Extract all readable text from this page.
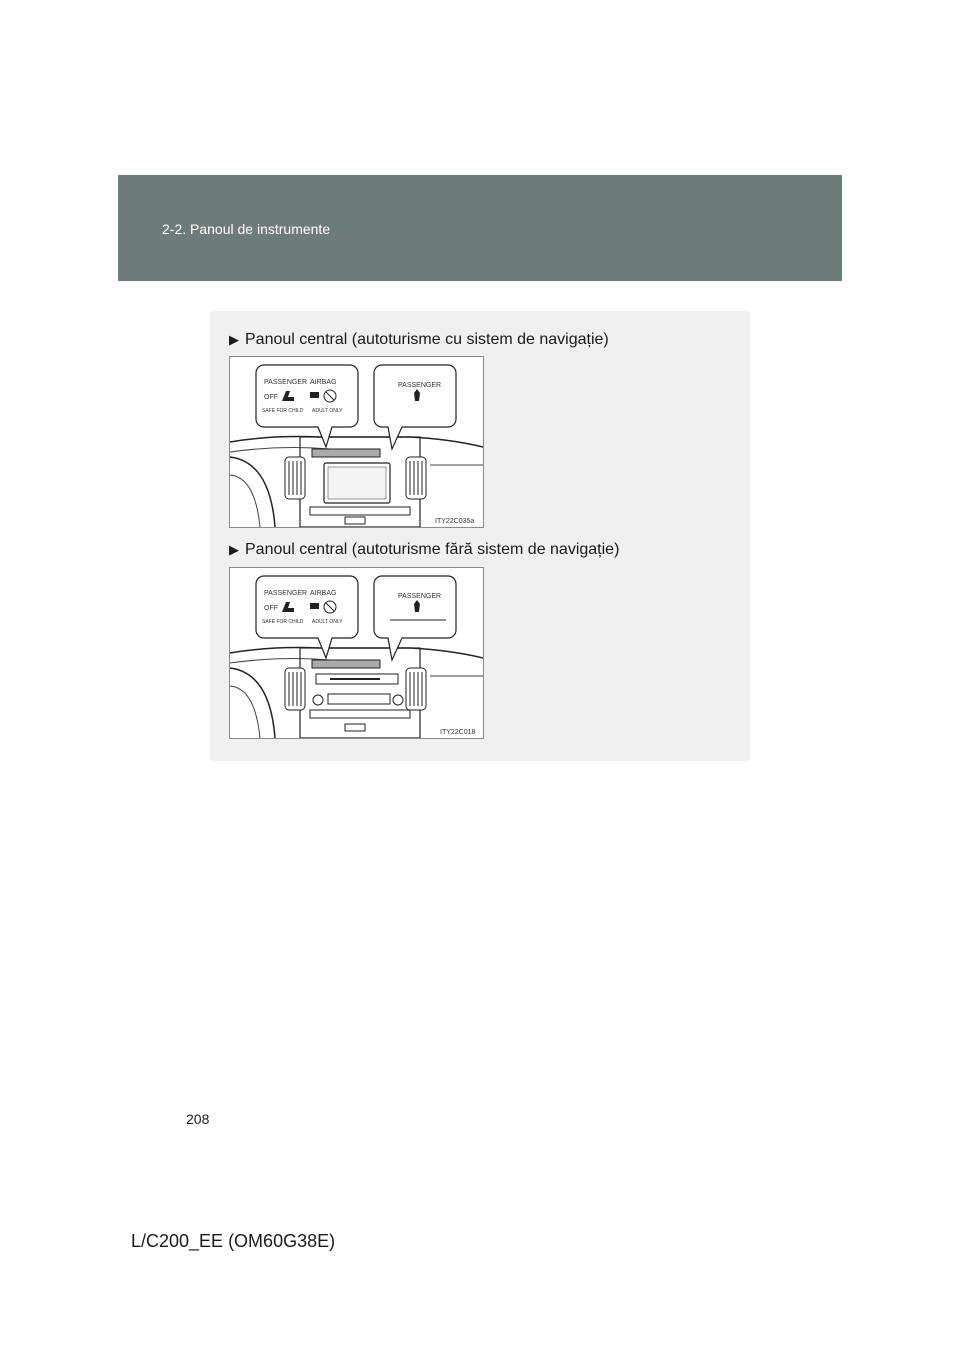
2-2. Panoul de instrumente
▶ Panoul central (autoturisme cu sistem de navigație)
PASSENGER AIRBAG
OFF
SAFE FOR CHILD ADULT ONLY
PASSENGER
ITY22C035a
▶ Panoul central (autoturisme fără sistem de navigație)
PASSENGER AIRBAG
OFF
SAFE FOR CHILD ADULT ONLY
PASSENGER
ITY22C018
208
L/C200_EE (OM60G38E)
